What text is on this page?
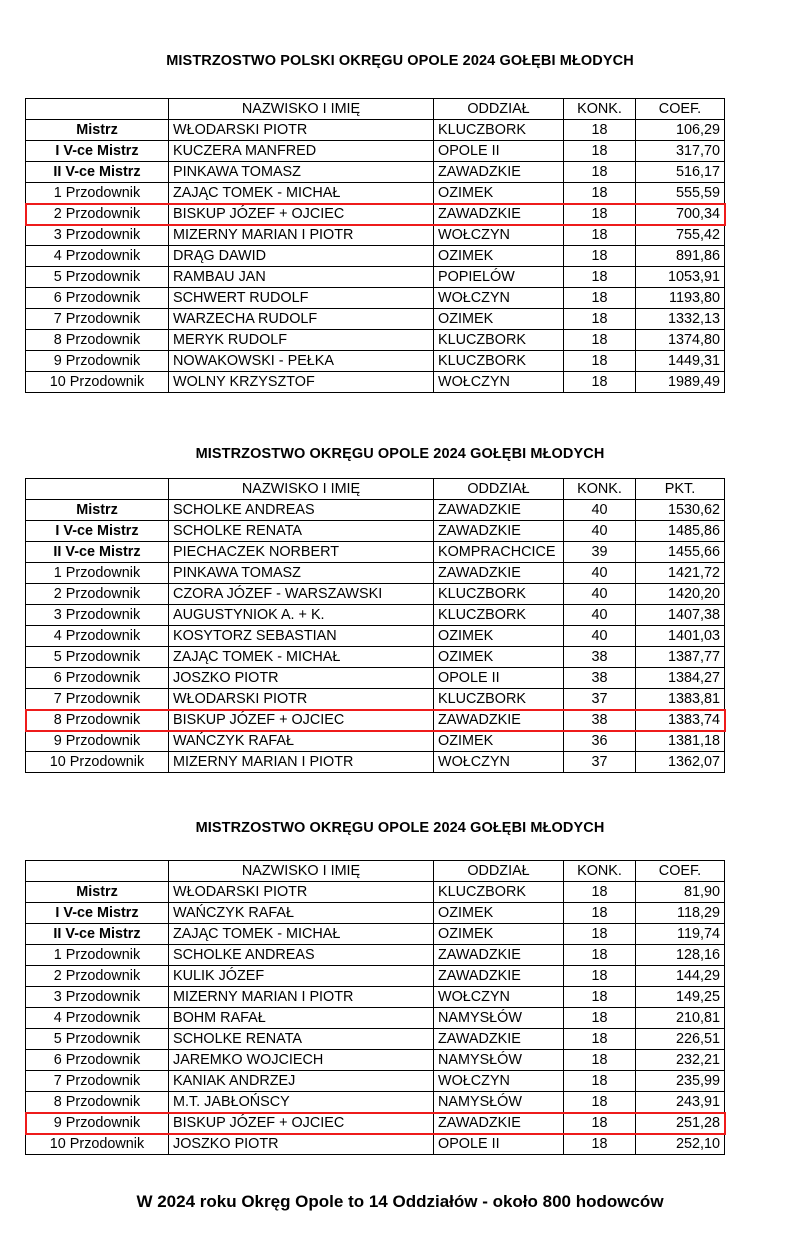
MISTRZOSTWO POLSKI OKRĘGU OPOLE 2024 GOŁĘBI MŁODYCH
	NAZWISKO I IMIĘ	ODDZIAŁ	KONK.	COEF.
Mistrz	WŁODARSKI PIOTR	KLUCZBORK	18	106,29
I V-ce Mistrz	KUCZERA MANFRED	OPOLE II	18	317,70
II V-ce Mistrz	PINKAWA TOMASZ	ZAWADZKIE	18	516,17
1 Przodownik	ZAJĄC TOMEK - MICHAŁ	OZIMEK	18	555,59
2 Przodownik	BISKUP JÓZEF + OJCIEC	ZAWADZKIE	18	700,34
3 Przodownik	MIZERNY MARIAN I PIOTR	WOŁCZYN	18	755,42
4 Przodownik	DRĄG DAWID	OZIMEK	18	891,86
5 Przodownik	RAMBAU JAN	POPIELÓW	18	1053,91
6 Przodownik	SCHWERT RUDOLF	WOŁCZYN	18	1193,80
7 Przodownik	WARZECHA RUDOLF	OZIMEK	18	1332,13
8 Przodownik	MERYK RUDOLF	KLUCZBORK	18	1374,80
9 Przodownik	NOWAKOWSKI - PEŁKA	KLUCZBORK	18	1449,31
10 Przodownik	WOLNY KRZYSZTOF	WOŁCZYN	18	1989,49
MISTRZOSTWO OKRĘGU OPOLE 2024 GOŁĘBI MŁODYCH
	NAZWISKO I IMIĘ	ODDZIAŁ	KONK.	PKT.
Mistrz	SCHOLKE ANDREAS	ZAWADZKIE	40	1530,62
I V-ce Mistrz	SCHOLKE RENATA	ZAWADZKIE	40	1485,86
II V-ce Mistrz	PIECHACZEK NORBERT	KOMPRACHCICE	39	1455,66
1 Przodownik	PINKAWA TOMASZ	ZAWADZKIE	40	1421,72
2 Przodownik	CZORA JÓZEF - WARSZAWSKI	KLUCZBORK	40	1420,20
3 Przodownik	AUGUSTYNIOK A. + K.	KLUCZBORK	40	1407,38
4 Przodownik	KOSYTORZ SEBASTIAN	OZIMEK	40	1401,03
5 Przodownik	ZAJĄC TOMEK - MICHAŁ	OZIMEK	38	1387,77
6 Przodownik	JOSZKO PIOTR	OPOLE II	38	1384,27
7 Przodownik	WŁODARSKI PIOTR	KLUCZBORK	37	1383,81
8 Przodownik	BISKUP JÓZEF + OJCIEC	ZAWADZKIE	38	1383,74
9 Przodownik	WAŃCZYK RAFAŁ	OZIMEK	36	1381,18
10 Przodownik	MIZERNY MARIAN I PIOTR	WOŁCZYN	37	1362,07
MISTRZOSTWO OKRĘGU OPOLE 2024 GOŁĘBI MŁODYCH
	NAZWISKO I IMIĘ	ODDZIAŁ	KONK.	COEF.
Mistrz	WŁODARSKI PIOTR	KLUCZBORK	18	81,90
I V-ce Mistrz	WAŃCZYK RAFAŁ	OZIMEK	18	118,29
II V-ce Mistrz	ZAJĄC TOMEK - MICHAŁ	OZIMEK	18	119,74
1 Przodownik	SCHOLKE ANDREAS	ZAWADZKIE	18	128,16
2 Przodownik	KULIK JÓZEF	ZAWADZKIE	18	144,29
3 Przodownik	MIZERNY MARIAN I PIOTR	WOŁCZYN	18	149,25
4 Przodownik	BOHM RAFAŁ	NAMYSŁÓW	18	210,81
5 Przodownik	SCHOLKE RENATA	ZAWADZKIE	18	226,51
6 Przodownik	JAREMKO WOJCIECH	NAMYSŁÓW	18	232,21
7 Przodownik	KANIAK ANDRZEJ	WOŁCZYN	18	235,99
8 Przodownik	M.T. JABŁOŃSCY	NAMYSŁÓW	18	243,91
9 Przodownik	BISKUP JÓZEF + OJCIEC	ZAWADZKIE	18	251,28
10 Przodownik	JOSZKO PIOTR	OPOLE II	18	252,10
W 2024 roku Okręg Opole to 14 Oddziałów - około 800 hodowców
